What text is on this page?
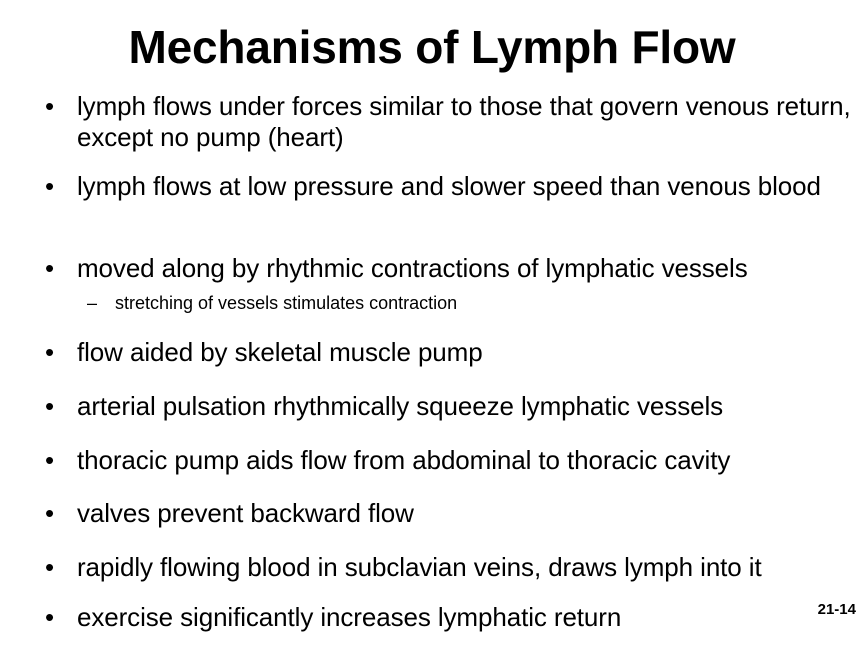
Mechanisms of Lymph Flow
• lymph flows under forces similar to those that govern venous return, except no pump (heart)
• lymph flows at low pressure and slower speed than venous blood
• moved along by rhythmic contractions of lymphatic vessels
– stretching of vessels stimulates contraction
• flow aided by skeletal muscle pump
• arterial pulsation rhythmically squeeze lymphatic vessels
• thoracic pump aids flow from abdominal to thoracic cavity
• valves prevent backward flow
• rapidly flowing blood in subclavian veins, draws lymph into it
• exercise significantly increases lymphatic return	21-14
